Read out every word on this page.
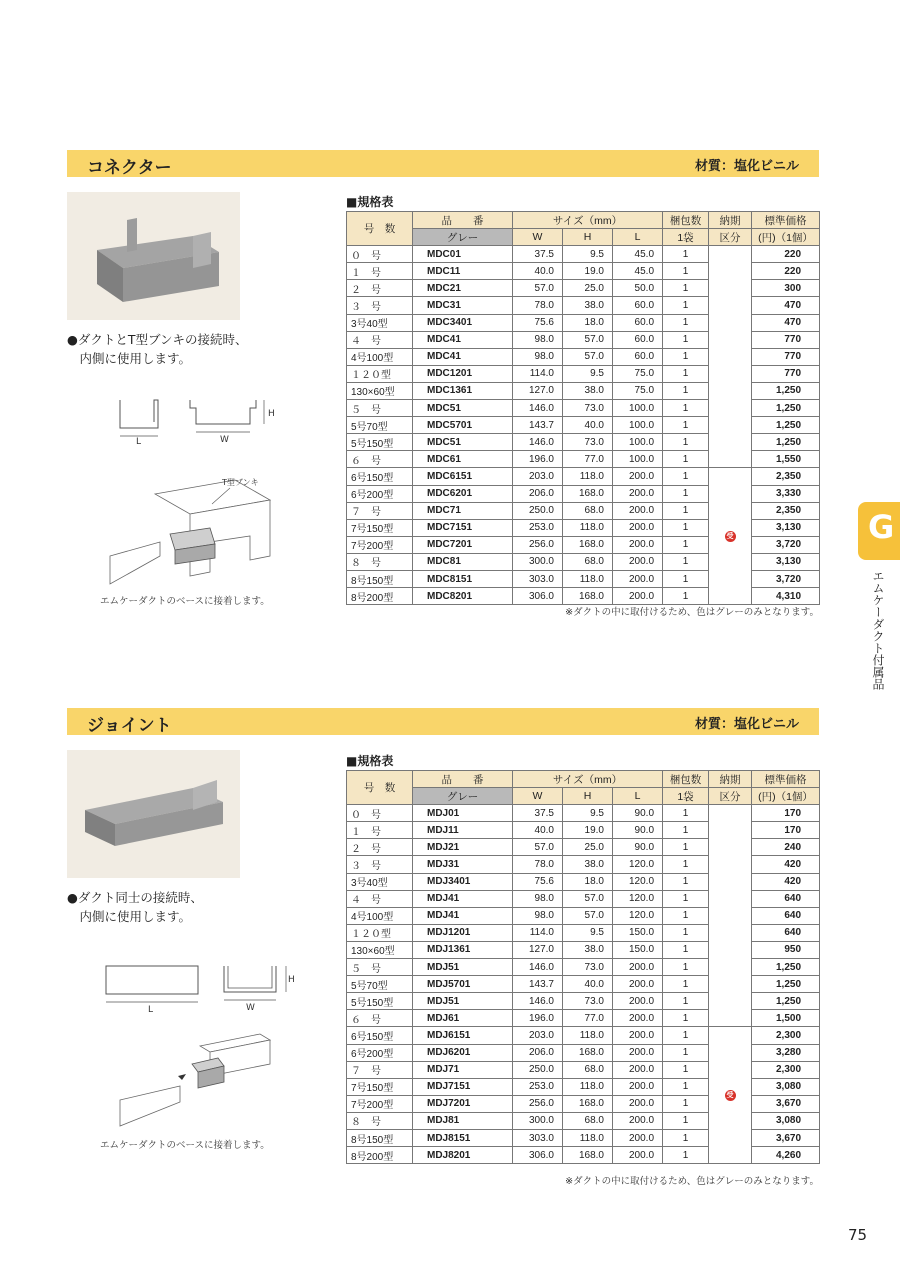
コネクター	材質：塩化ビニル
●ダクトとT型ブンキの接続時、
　内側に使用します。
L	W
H
T型ブンキ
エムケーダクトのベースに接着します。
■規格表
号　数	品　　番	サイズ（mm）			梱包数	納期	標準価格
	グレー	W	H	L	1袋	区分	(円)（1個）
０　号	MDC01	37.5	9.5	45.0	1		220
１　号	MDC11	40.0	19.0	45.0	1		220
２　号	MDC21	57.0	25.0	50.0	1		300
３　号	MDC31	78.0	38.0	60.0	1		470
3号40型	MDC3401	75.6	18.0	60.0	1		470
４　号	MDC41	98.0	57.0	60.0	1		770
4号100型	MDC41	98.0	57.0	60.0	1		770
１２０型	MDC1201	114.0	9.5	75.0	1		770
130×60型	MDC1361	127.0	38.0	75.0	1		1,250
５　号	MDC51	146.0	73.0	100.0	1		1,250
5号70型	MDC5701	143.7	40.0	100.0	1		1,250
5号150型	MDC51	146.0	73.0	100.0	1		1,250
６　号	MDC61	196.0	77.0	100.0	1		1,550
6号150型	MDC6151	203.0	118.0	200.0	1	受	2,350
6号200型	MDC6201	206.0	168.0	200.0	1		3,330
７　号	MDC71	250.0	68.0	200.0	1		2,350
7号150型	MDC7151	253.0	118.0	200.0	1		3,130
7号200型	MDC7201	256.0	168.0	200.0	1		3,720
８　号	MDC81	300.0	68.0	200.0	1		3,130
8号150型	MDC8151	303.0	118.0	200.0	1		3,720
8号200型	MDC8201	306.0	168.0	200.0	1		4,310
※ダクトの中に取付けるため、色はグレーのみとなります。
ジョイント	材質：塩化ビニル
●ダクト同士の接続時、
　内側に使用します。
L	W
H
エムケーダクトのベースに接着します。
■規格表
号　数	品　　番	サイズ（mm）			梱包数	納期	標準価格
	グレー	W	H	L	1袋	区分	(円)（1個）
０　号	MDJ01	37.5	9.5	90.0	1		170
１　号	MDJ11	40.0	19.0	90.0	1		170
２　号	MDJ21	57.0	25.0	90.0	1		240
３　号	MDJ31	78.0	38.0	120.0	1		420
3号40型	MDJ3401	75.6	18.0	120.0	1		420
４　号	MDJ41	98.0	57.0	120.0	1		640
4号100型	MDJ41	98.0	57.0	120.0	1		640
１２０型	MDJ1201	114.0	9.5	150.0	1		640
130×60型	MDJ1361	127.0	38.0	150.0	1		950
５　号	MDJ51	146.0	73.0	200.0	1		1,250
5号70型	MDJ5701	143.7	40.0	200.0	1		1,250
5号150型	MDJ51	146.0	73.0	200.0	1		1,250
６　号	MDJ61	196.0	77.0	200.0	1		1,500
6号150型	MDJ6151	203.0	118.0	200.0	1	受	2,300
6号200型	MDJ6201	206.0	168.0	200.0	1		3,280
７　号	MDJ71	250.0	68.0	200.0	1		2,300
7号150型	MDJ7151	253.0	118.0	200.0	1		3,080
7号200型	MDJ7201	256.0	168.0	200.0	1		3,670
８　号	MDJ81	300.0	68.0	200.0	1		3,080
8号150型	MDJ8151	303.0	118.0	200.0	1		3,670
8号200型	MDJ8201	306.0	168.0	200.0	1		4,260
※ダクトの中に取付けるため、色はグレーのみとなります。
G
エムケーダクト付属品
75
